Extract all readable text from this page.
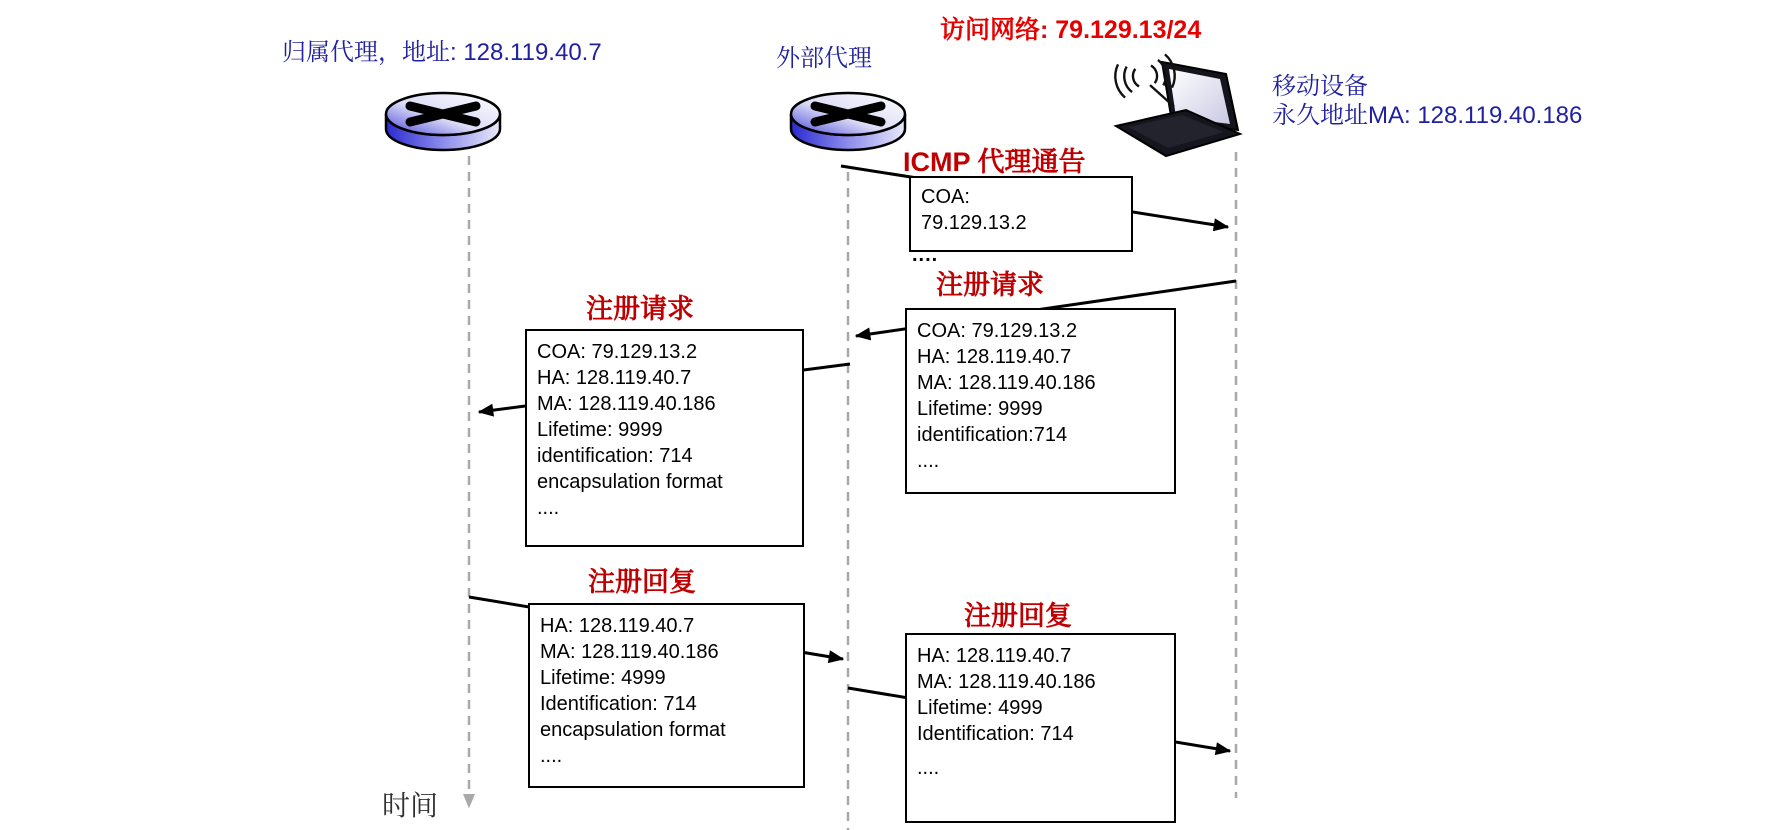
归属代理，地址: 128.119.40.7	外部代理
访问网络: 79.129.13/24
移动设备
永久地址MA: 128.119.40.186
ICMP 代理通告
COA:
79.129.13.2
....
注册请求
COA: 79.129.13.2
HA: 128.119.40.7
MA: 128.119.40.186
Lifetime: 9999
identification:714
....
注册请求
COA: 79.129.13.2
HA: 128.119.40.7
MA: 128.119.40.186
Lifetime: 9999
identification: 714
encapsulation format
....
注册回复
HA: 128.119.40.7
MA: 128.119.40.186
Lifetime: 4999
Identification: 714
encapsulation format
....
注册回复
HA: 128.119.40.7
MA: 128.119.40.186
Lifetime: 4999
Identification: 714
....
时间
